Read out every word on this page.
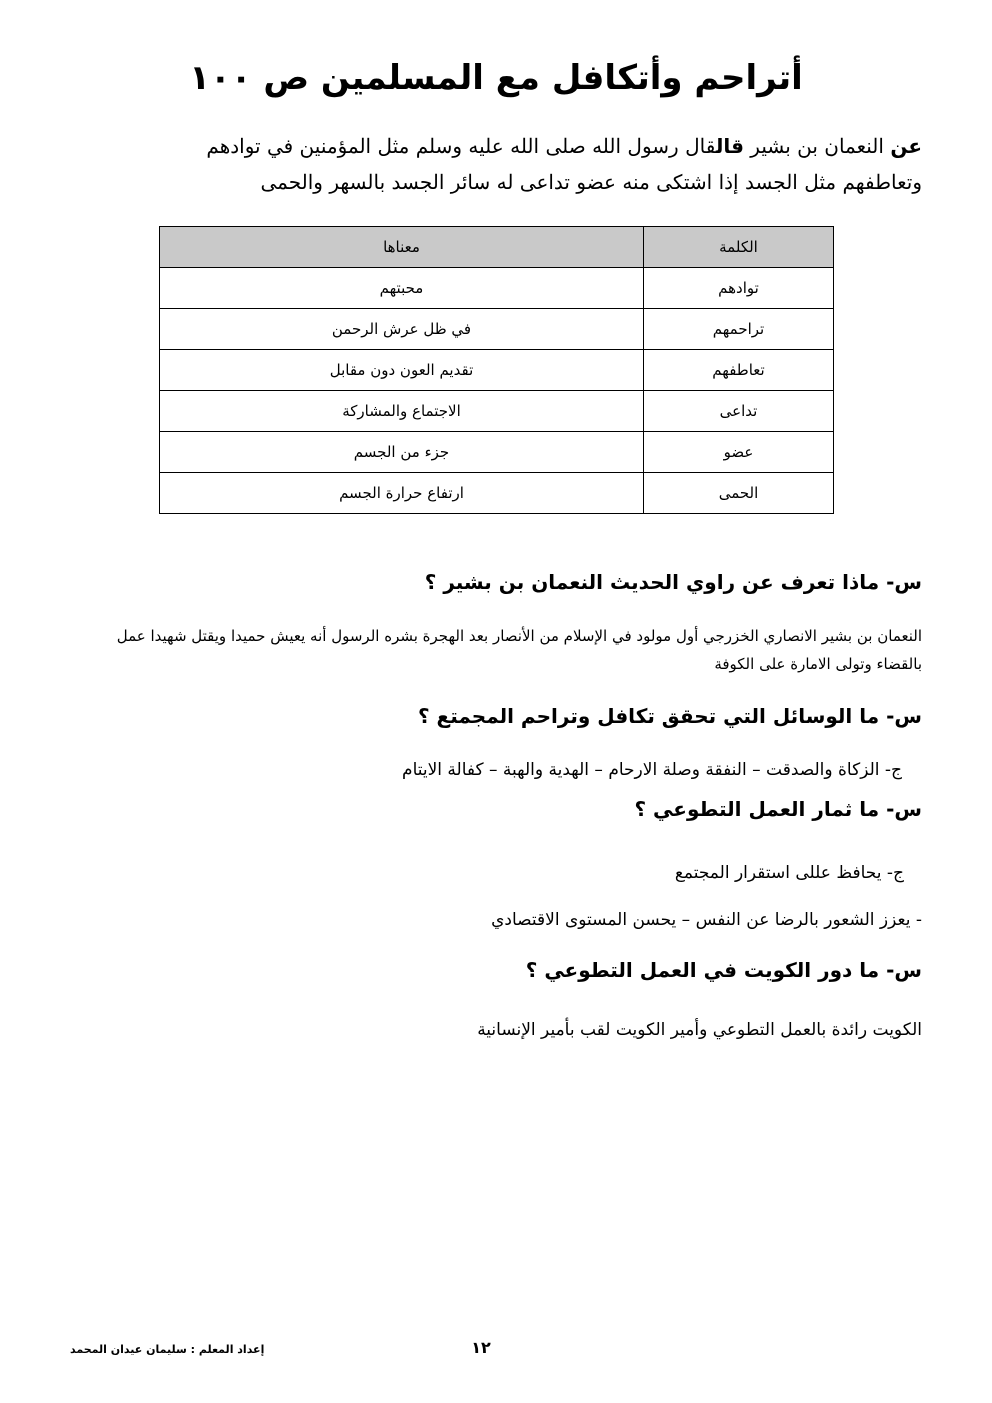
أتراحم وأتكافل مع المسلمين ص ١٠٠
عن النعمان بن بشير قالقال رسول الله صلى الله عليه وسلم مثل المؤمنين في توادهم وتعاطفهم مثل الجسد إذا اشتكى منه عضو تداعى له سائر الجسد بالسهر والحمى
الكلمة	معناها
توادهم	محبتهم
تراحمهم	في ظل عرش الرحمن
تعاطفهم	تقديم العون دون مقابل
تداعى	الاجتماع والمشاركة
عضو	جزء من الجسم
الحمى	ارتفاع حرارة الجسم
س- ماذا تعرف عن راوي الحديث النعمان بن بشير ؟
النعمان بن بشير الانصاري الخزرجي أول مولود في الإسلام من الأنصار بعد الهجرة بشره الرسول أنه يعيش حميدا ويقتل شهيدا عمل بالقضاء وتولى الامارة على الكوفة
س- ما الوسائل التي تحقق تكافل وتراحم المجمتع ؟
ج- الزكاة والصدقت – النفقة وصلة الارحام – الهدية والهبة – كفالة الايتام
س- ما ثمار العمل التطوعي ؟
ج- يحافظ عللى استقرار المجتمع
- يعزز الشعور بالرضا عن النفس – يحسن المستوى الاقتصادي
س- ما دور الكويت في العمل التطوعي ؟
الكويت رائدة بالعمل التطوعي وأمير الكويت لقب بأمير الإنسانية
١٢
إعداد المعلم : سليمان عيدان المحمد
